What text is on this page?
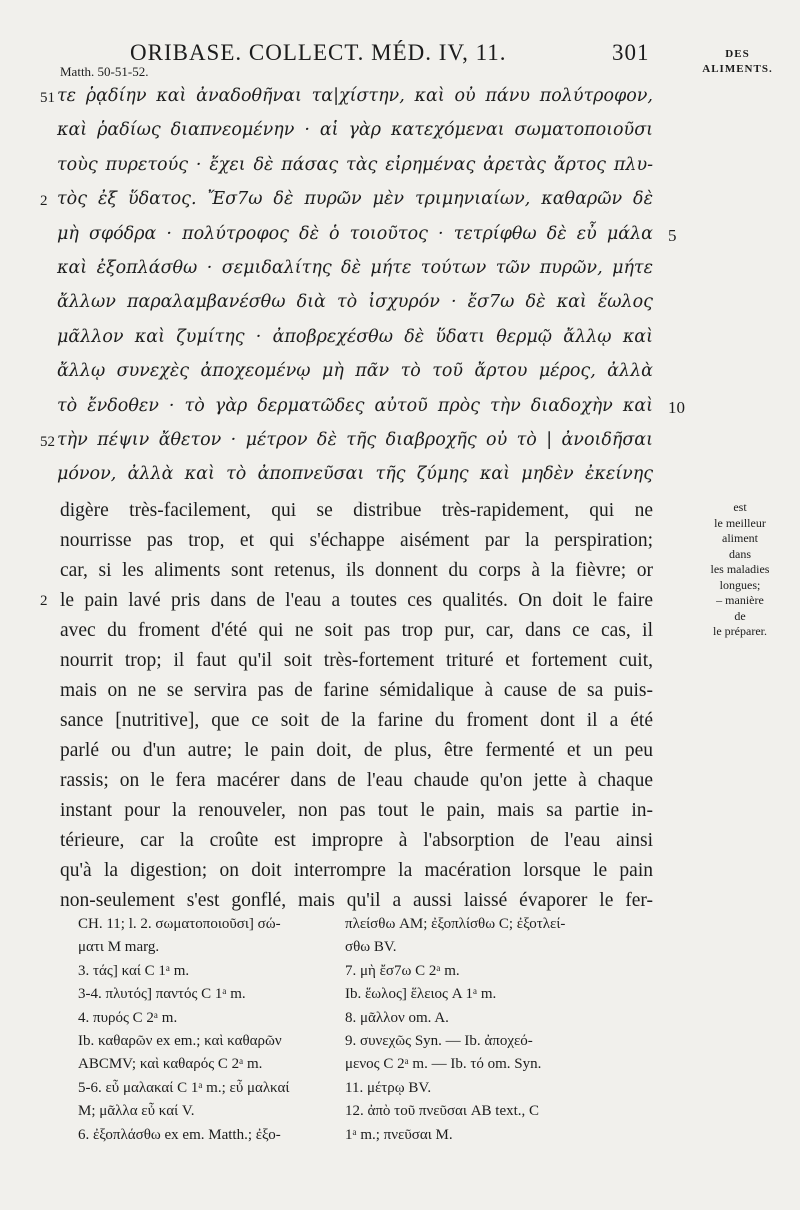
ORIBASE. COLLECT. MÉD. IV, 11.	301	DES
ALIMENTS.
Matth. 50-51-52.
τε ῥᾳδίην καὶ ἀναδοθῆναι τα|χίστην, καὶ οὐ πάνυ πολύτροφον,
51
καὶ ῥαδίως διαπνεομένην · αἱ γὰρ κατεχόμεναι σωματοποιοῦσι
τοὺς πυρετούς · ἔχει δὲ πάσας τὰς εἰρημένας ἀρετὰς ἄρτος πλυ-
τὸς ἐξ ὕδατος. Ἔσ7ω δὲ πυρῶν μὲν τριμηνιαίων, καθαρῶν δὲ
2
μὴ σφόδρα · πολύτροφος δὲ ὁ τοιοῦτος · τετρίφθω δὲ εὖ μάλα 5
καὶ ἐξοπλάσθω · σεμιδαλίτης δὲ μήτε τούτων τῶν πυρῶν, μήτε
ἄλλων παραλαμβανέσθω διὰ τὸ ἰσχυρόν · ἔσ7ω δὲ καὶ ἕωλος
μᾶλλον καὶ ζυμίτης · ἀποβρεχέσθω δὲ ὕδατι θερμῷ ἄλλῳ καὶ
ἄλλῳ συνεχὲς ἀποχεομένῳ μὴ πᾶν τὸ τοῦ ἄρτου μέρος, ἀλλὰ
τὸ ἔνδοθεν · τὸ γὰρ δερματῶδες αὐτοῦ πρὸς τὴν διαδοχὴν καὶ 10
τὴν πέψιν ἄθετον · μέτρον δὲ τῆς διαβροχῆς οὐ τὸ | ἀνοιδῆσαι
52
μόνον, ἀλλὰ καὶ τὸ ἀποπνεῦσαι τῆς ζύμης καὶ μηδὲν ἐκείνης
digère très-facilement, qui se distribue très-rapidement, qui ne
nourrisse pas trop, et qui s'échappe aisément par la perspiration;
car, si les aliments sont retenus, ils donnent du corps à la fièvre; or
le pain lavé pris dans de l'eau a toutes ces qualités. On doit le faire
2
avec du froment d'été qui ne soit pas trop pur, car, dans ce cas, il
nourrit trop; il faut qu'il soit très-fortement trituré et fortement cuit,
mais on ne se servira pas de farine sémidalique à cause de sa puis-
sance [nutritive], que ce soit de la farine du froment dont il a été
parlé ou d'un autre; le pain doit, de plus, être fermenté et un peu
rassis; on le fera macérer dans de l'eau chaude qu'on jette à chaque
instant pour la renouveler, non pas tout le pain, mais sa partie in-
térieure, car la croûte est impropre à l'absorption de l'eau ainsi
qu'à la digestion; on doit interrompre la macération lorsque le pain
non-seulement s'est gonflé, mais qu'il a aussi laissé évaporer le fer-
est
le meilleur
aliment
dans
les maladies
longues;
– manière
de
le préparer.
CH. 11; l. 2. σωματοποιοῦσι] σώ-
ματι M marg.
3. τάς] καί C 1ᵃ m.
3-4. πλυτός] παντός C 1ᵃ m.
4. πυρός C 2ᵃ m.
Ib. καθαρῶν ex em.; καὶ καθαρῶν
ABCMV; καὶ καθαρός C 2ᵃ m.
5-6. εὖ μαλακαί C 1ᵃ m.; εὖ μαλκαί
M; μᾶλλα εὖ καί V.
6. ἐξοπλάσθω ex em. Matth.; ἐξο-
πλείσθω AM; ἐξοπλίσθω C; ἐξοτλεί-
σθω BV.
7. μὴ ἔσ7ω C 2ᵃ m.
Ib. ἕωλος] ἕλειος A 1ᵃ m.
8. μᾶλλον om. A.
9. συνεχῶς Syn. — Ib. ἀποχεό-
μενος C 2ᵃ m. — Ib. τό om. Syn.
11. μέτρῳ BV.
12. ἀπὸ τοῦ πνεῦσαι AB text., C
1ᵃ m.; πνεῦσαι M.
